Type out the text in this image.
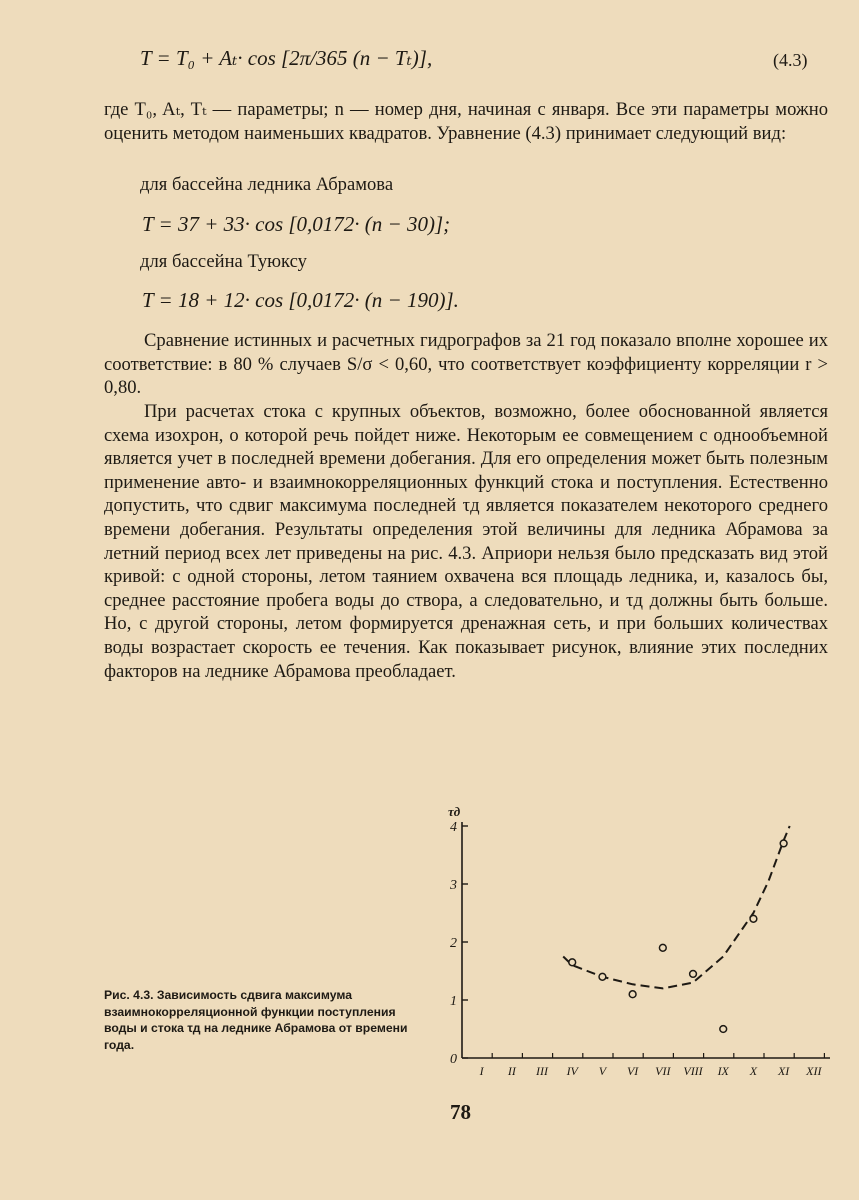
T = T₀ + Aₜ· cos [2π/365 (n − Tₜ)],	(4.3)
где T₀, Aₜ, Tₜ — параметры; n — номер дня, начиная с января. Все эти параметры можно оценить методом наименьших квадратов. Уравнение (4.3) принимает следующий вид:
для бассейна ледника Абрамова
T = 37 + 33· cos [0,0172· (n − 30)];
для бассейна Туюксу
T = 18 + 12· cos [0,0172· (n − 190)].
Сравнение истинных и расчетных гидрографов за 21 год показало вполне хорошее их соответствие: в 80 % случаев S/σ < 0,60, что соответствует коэффициенту корреляции r > 0,80.
При расчетах стока с крупных объектов, возможно, более обоснованной является схема изохрон, о которой речь пойдет ниже. Некоторым ее совмещением с однообъемной является учет в последней времени добегания. Для его определения может быть полезным применение авто- и взаимнокорреляционных функций стока и поступления. Естественно допустить, что сдвиг максимума последней τд является показателем некоторого среднего времени добегания. Результаты определения этой величины для ледника Абрамова за летний период всех лет приведены на рис. 4.3. Априори нельзя было предсказать вид этой кривой: с одной стороны, летом таянием охвачена вся площадь ледника, и, казалось бы, среднее расстояние пробега воды до створа, а следовательно, и τд должны быть больше. Но, с другой стороны, летом формируется дренажная сеть, и при больших количествах воды возрастает скорость ее течения. Как показывает рисунок, влияние этих последних факторов на леднике Абрамова преобладает.
τд
0
1
2
3
4
I II III IV V VI VII VIII IX X XI XII
Рис. 4.3. Зависимость сдвига максимума взаимнокорреляционной функции поступления воды и стока τд на леднике Абрамова от времени года.
78
